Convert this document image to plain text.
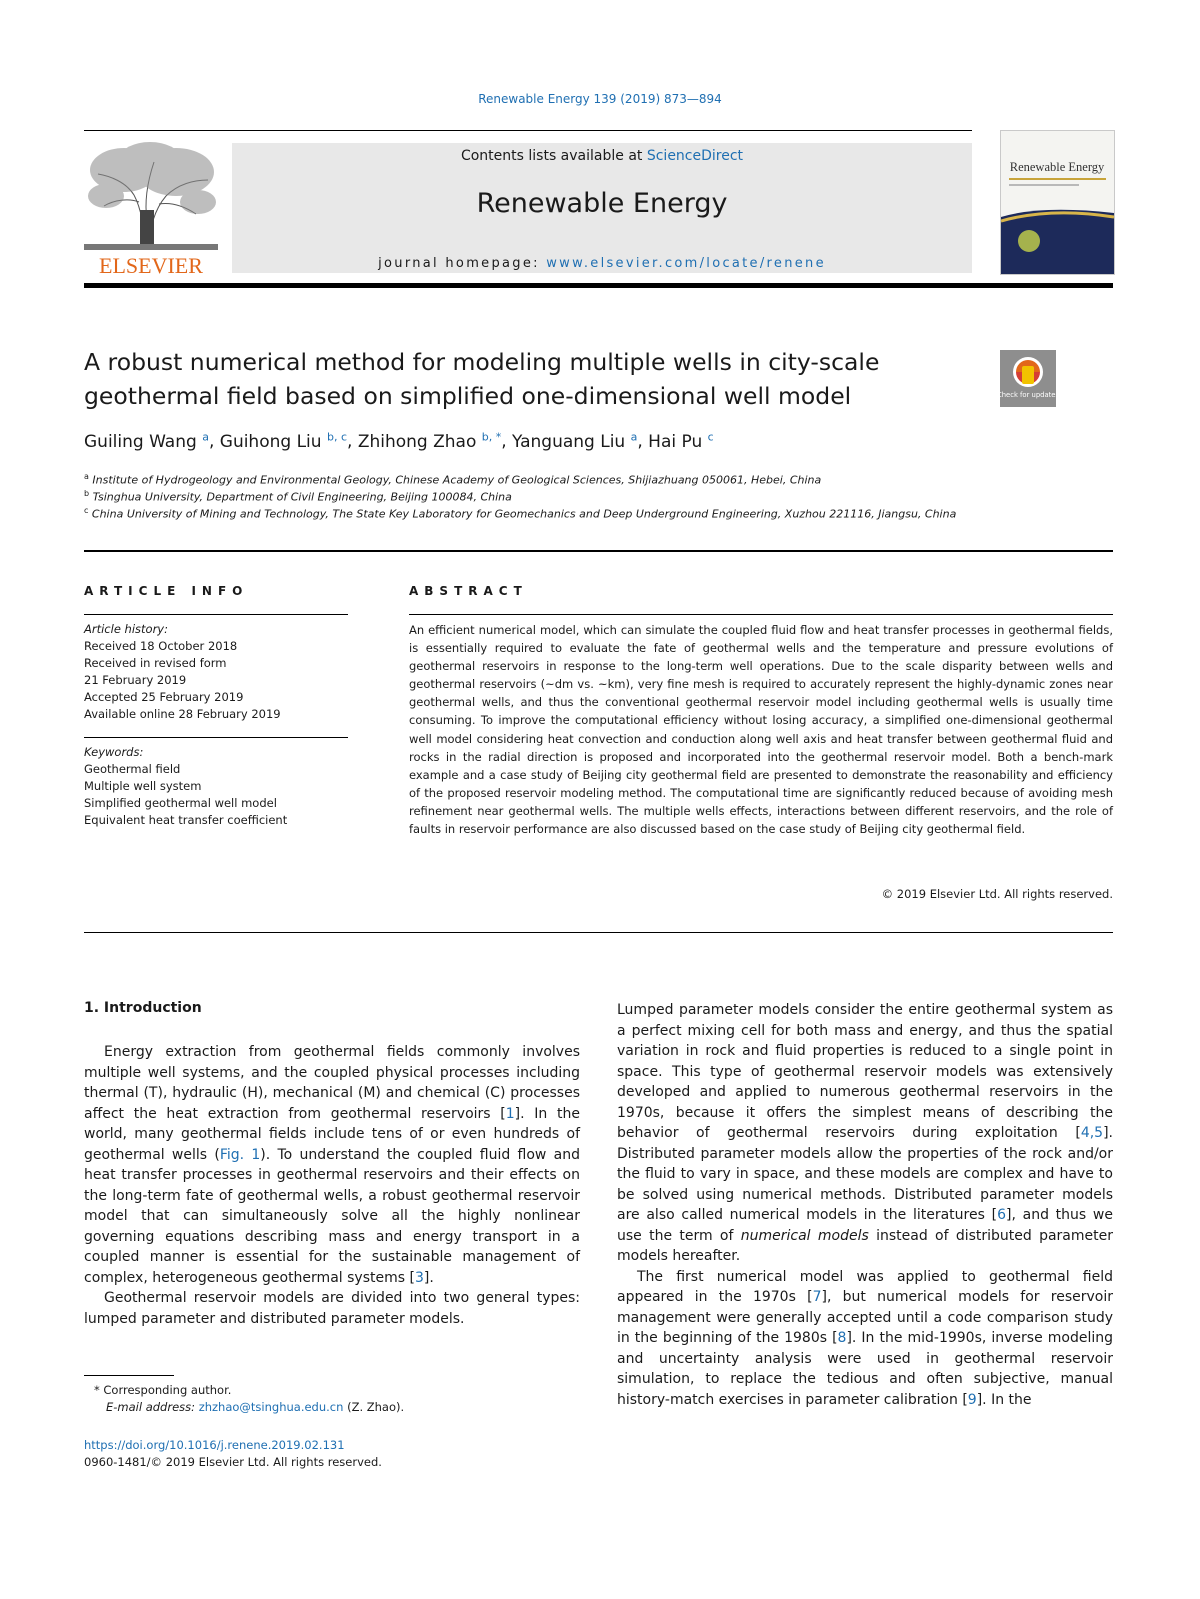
Renewable Energy 139 (2019) 873—894
ELSEVIER
Contents lists available at ScienceDirect
Renewable Energy
journal homepage: www.elsevier.com/locate/renene
Renewable Energy
A robust numerical method for modeling multiple wells in city-scale geothermal field based on simplified one-dimensional well model	Check for updates
Guiling Wang $^a$, Guihong Liu $^{b, c}$, Zhihong Zhao $^{b, *}$, Yanguang Liu $^a$, Hai Pu $^c$
$^a$ Institute of Hydrogeology and Environmental Geology, Chinese Academy of Geological Sciences, Shijiazhuang 050061, Hebei, China
$^b$ Tsinghua University, Department of Civil Engineering, Beijing 100084, China
$^c$ China University of Mining and Technology, The State Key Laboratory for Geomechanics and Deep Underground Engineering, Xuzhou 221116, Jiangsu, China
ARTICLE INFO	ABSTRACT
Article history:
Received 18 October 2018
Received in revised form
21 February 2019
Accepted 25 February 2019
Available online 28 February 2019
Keywords:
Geothermal field
Multiple well system
Simplified geothermal well model
Equivalent heat transfer coefficient
An efficient numerical model, which can simulate the coupled fluid flow and heat transfer processes in geothermal fields, is essentially required to evaluate the fate of geothermal wells and the temperature and pressure evolutions of geothermal reservoirs in response to the long-term well operations. Due to the scale disparity between wells and geothermal reservoirs (~dm vs. ~km), very fine mesh is required to accurately represent the highly-dynamic zones near geothermal wells, and thus the conventional geothermal reservoir model including geothermal wells is usually time consuming. To improve the computational efficiency without losing accuracy, a simplified one-dimensional geothermal well model considering heat convection and conduction along well axis and heat transfer between geothermal fluid and rocks in the radial direction is proposed and incorporated into the geothermal reservoir model. Both a bench-mark example and a case study of Beijing city geothermal field are presented to demonstrate the reasonability and efficiency of the proposed reservoir modeling method. The computational time are significantly reduced because of avoiding mesh refinement near geothermal wells. The multiple wells effects, interactions between different reservoirs, and the role of faults in reservoir performance are also discussed based on the case study of Beijing city geothermal field.
© 2019 Elsevier Ltd. All rights reserved.
1. Introduction

Energy extraction from geothermal fields commonly involves multiple well systems, and the coupled physical processes including thermal (T), hydraulic (H), mechanical (M) and chemical (C) processes affect the heat extraction from geothermal reservoirs [1]. In the world, many geothermal fields include tens of or even hundreds of geothermal wells (Fig. 1). To understand the coupled fluid flow and heat transfer processes in geothermal reservoirs and their effects on the long-term fate of geothermal wells, a robust geothermal reservoir model that can simultaneously solve all the highly nonlinear governing equations describing mass and energy transport in a coupled manner is essential for the sustainable management of complex, heterogeneous geothermal systems [3].

Geothermal reservoir models are divided into two general types: lumped parameter and distributed parameter models.

Lumped parameter models consider the entire geothermal system as a perfect mixing cell for both mass and energy, and thus the spatial variation in rock and fluid properties is reduced to a single point in space. This type of geothermal reservoir models was extensively developed and applied to numerous geothermal reservoirs in the 1970s, because it offers the simplest means of describing the behavior of geothermal reservoirs during exploitation [4,5]. Distributed parameter models allow the properties of the rock and/or the fluid to vary in space, and these models are complex and have to be solved using numerical methods. Distributed parameter models are also called numerical models in the literatures [6], and thus we use the term of numerical models instead of distributed parameter models hereafter.

The first numerical model was applied to geothermal field appeared in the 1970s [7], but numerical models for reservoir management were generally accepted until a code comparison study in the beginning of the 1980s [8]. In the mid-1990s, inverse modeling and uncertainty analysis were used in geothermal reservoir simulation, to replace the tedious and often subjective, manual history-match exercises in parameter calibration [9]. In the

* Corresponding author.
E-mail address: zhzhao@tsinghua.edu.cn (Z. Zhao).
https://doi.org/10.1016/j.renene.2019.02.131
0960-1481/© 2019 Elsevier Ltd. All rights reserved.
